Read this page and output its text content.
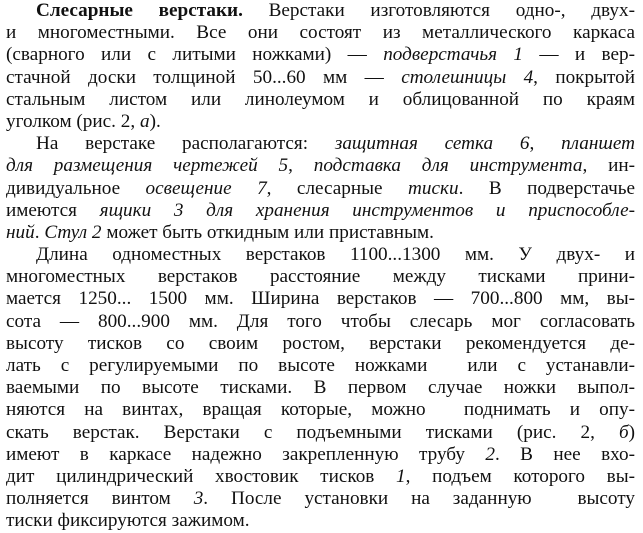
Слесарные верстаки. Верстаки изготовляются одно-, двух-
и многоместными. Все они состоят из металлического каркаса
(сварного или с литыми ножками) — подверстачья 1 — и вер-
стачной доски толщиной 50...60 мм — столешницы 4, покрытой
стальным листом или линолеумом и облицованной по краям
уголком (рис. 2, а).
На верстаке располагаются: защитная сетка 6, планшет
для размещения чертежей 5, подставка для инструмента, ин-
дивидуальное освещение 7, слесарные тиски. В подверстачье
имеются ящики 3 для хранения инструментов и приспособле-
ний. Стул 2 может быть откидным или приставным.
Длина одноместных верстаков 1100...1300 мм. У двух- и
многоместных верстаков расстояние между тисками прини-
мается 1250... 1500 мм. Ширина верстаков — 700...800 мм, вы-
сота — 800...900 мм. Для того чтобы слесарь мог согласовать
высоту тисков со своим ростом, верстаки рекомендуется де-
лать с регулируемыми по высоте ножками  или с устанавли-
ваемыми по высоте тисками. В первом случае ножки выпол-
няются на винтах, вращая которые, можно  поднимать и опу-
скать верстак. Верстаки с подъемными тисками (рис. 2, б)
имеют в каркасе надежно закрепленную трубу 2. В нее вхо-
дит цилиндрический хвостовик тисков 1, подъем которого вы-
полняется винтом 3. После установки на заданную  высоту
тиски фиксируются зажимом.
